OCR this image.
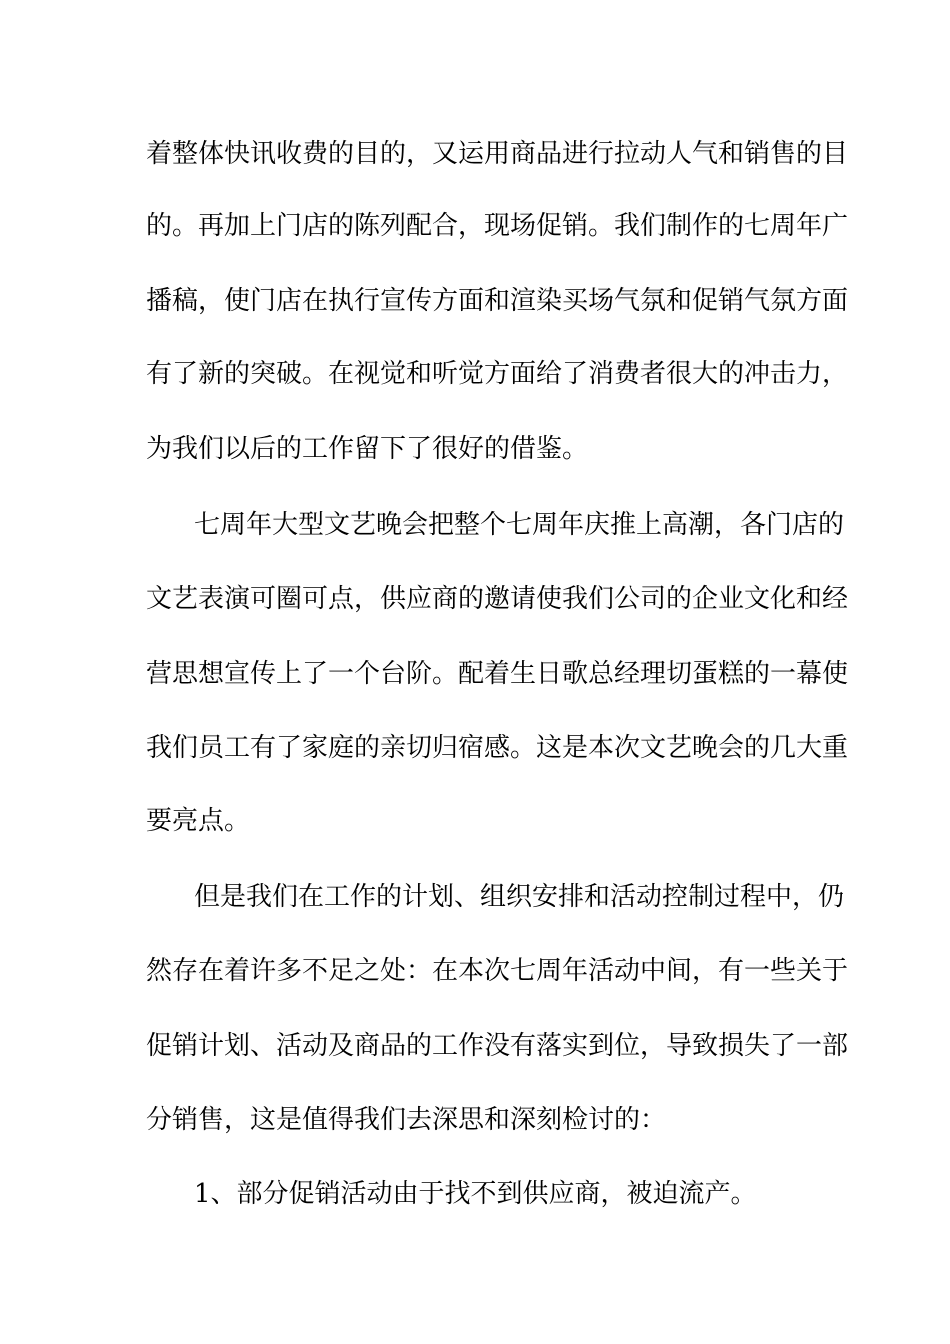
着整体快讯收费的目的，又运用商品进行拉动人气和销售的目
的。再加上门店的陈列配合，现场促销。我们制作的七周年广
播稿，使门店在执行宣传方面和渲染买场气氛和促销气氛方面
有了新的突破。在视觉和听觉方面给了消费者很大的冲击力，
为我们以后的工作留下了很好的借鉴。
七周年大型文艺晚会把整个七周年庆推上高潮，各门店的
文艺表演可圈可点，供应商的邀请使我们公司的企业文化和经
营思想宣传上了一个台阶。配着生日歌总经理切蛋糕的一幕使
我们员工有了家庭的亲切归宿感。这是本次文艺晚会的几大重
要亮点。
但是我们在工作的计划、组织安排和活动控制过程中，仍
然存在着许多不足之处：在本次七周年活动中间，有一些关于
促销计划、活动及商品的工作没有落实到位，导致损失了一部
分销售，这是值得我们去深思和深刻检讨的：
1、部分促销活动由于找不到供应商，被迫流产。
